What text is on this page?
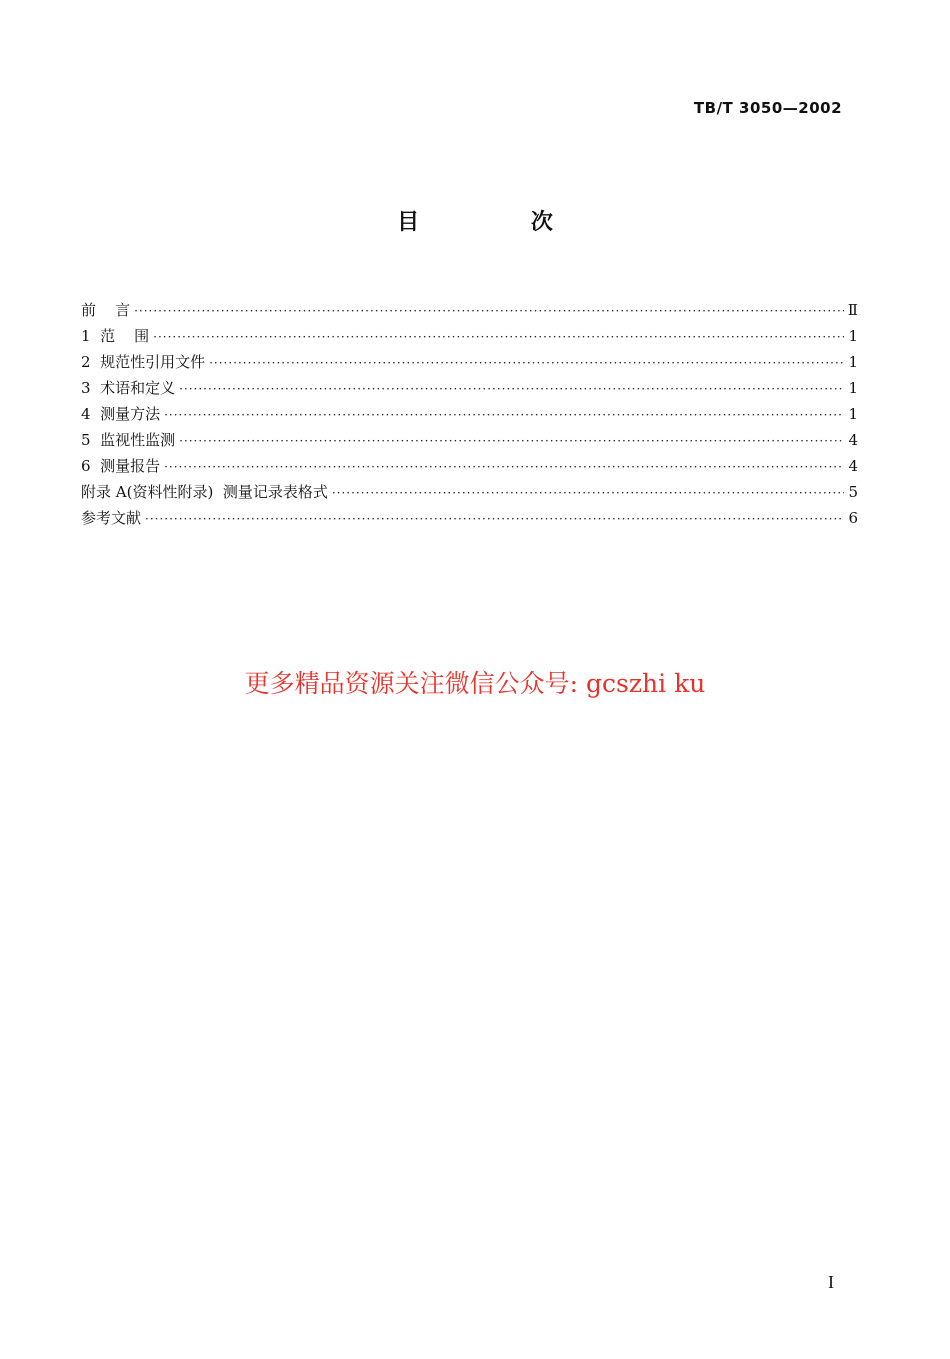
TB/T 3050—2002
目 次
前    言 ·····	Ⅱ
1  范    围 ·····	1
2  规范性引用文件 ·····	1
3  术语和定义 ·····	1
4  测量方法 ·····	1
5  监视性监测 ·····	4
6  测量报告 ·····	4
附录 A(资料性附录)  测量记录表格式 ·····	5
参考文献 ·····	6
更多精品资源关注微信公众号: gcszhi ku
I
